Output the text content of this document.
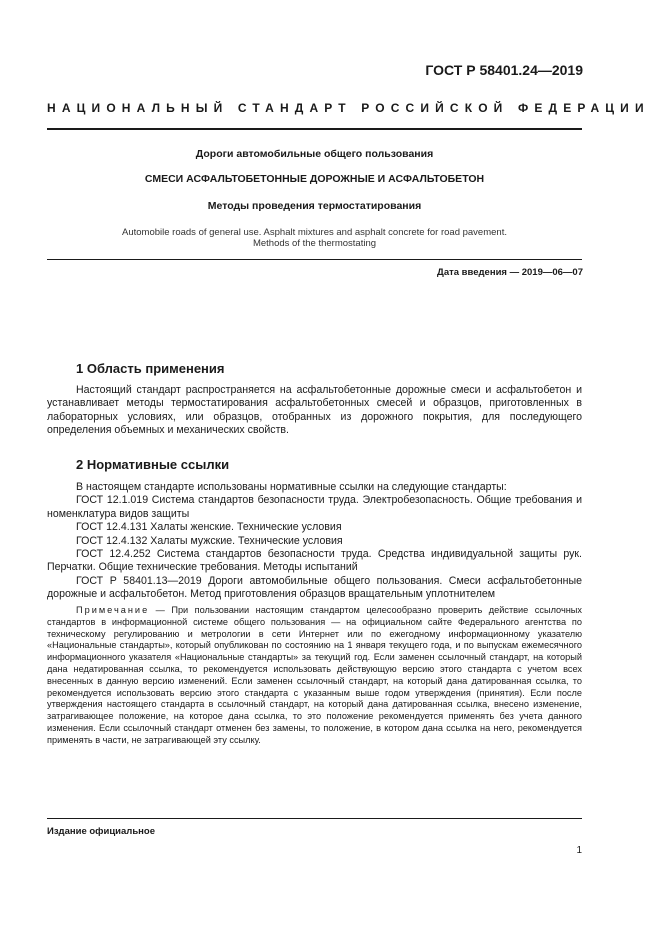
ГОСТ Р 58401.24—2019
НАЦИОНАЛЬНЫЙ СТАНДАРТ РОССИЙСКОЙ ФЕДЕРАЦИИ
Дороги автомобильные общего пользования
СМЕСИ АСФАЛЬТОБЕТОННЫЕ ДОРОЖНЫЕ И АСФАЛЬТОБЕТОН
Методы проведения термостатирования
Automobile roads of general use. Asphalt mixtures and asphalt concrete for road pavement.
Methods of the thermostating
Дата введения — 2019—06—07
1 Область применения

Настоящий стандарт распространяется на асфальтобетонные дорожные смеси и асфальтобетон и устанавливает методы термостатирования асфальтобетонных смесей и образцов, приготовленных в лабораторных условиях, или образцов, отобранных из дорожного покрытия, для последующего определения объемных и механических свойств.

2 Нормативные ссылки

В настоящем стандарте использованы нормативные ссылки на следующие стандарты:

ГОСТ 12.1.019 Система стандартов безопасности труда. Электробезопасность. Общие требования и номенклатура видов защиты

ГОСТ 12.4.131 Халаты женские. Технические условия

ГОСТ 12.4.132 Халаты мужские. Технические условия

ГОСТ 12.4.252 Система стандартов безопасности труда. Средства индивидуальной защиты рук. Перчатки. Общие технические требования. Методы испытаний

ГОСТ Р 58401.13—2019 Дороги автомобильные общего пользования. Смеси асфальтобетонные дорожные и асфальтобетон. Метод приготовления образцов вращательным уплотнителем

Примечание — При пользовании настоящим стандартом целесообразно проверить действие ссылочных стандартов в информационной системе общего пользования — на официальном сайте Федерального агентства по техническому регулированию и метрологии в сети Интернет или по ежегодному информационному указателю «Национальные стандарты», который опубликован по состоянию на 1 января текущего года, и по выпускам ежемесячного информационного указателя «Национальные стандарты» за текущий год. Если заменен ссылочный стандарт, на который дана недатированная ссылка, то рекомендуется использовать действующую версию этого стандарта с учетом всех внесенных в данную версию изменений. Если заменен ссылочный стандарт, на который дана датированная ссылка, то рекомендуется использовать версию этого стандарта с указанным выше годом утверждения (принятия). Если после утверждения настоящего стандарта в ссылочный стандарт, на который дана датированная ссылка, внесено изменение, затрагивающее положение, на которое дана ссылка, то это положение рекомендуется применять без учета данного изменения. Если ссылочный стандарт отменен без замены, то положение, в котором дана ссылка на него, рекомендуется применять в части, не затрагивающей эту ссылку.

Издание официальное
1
